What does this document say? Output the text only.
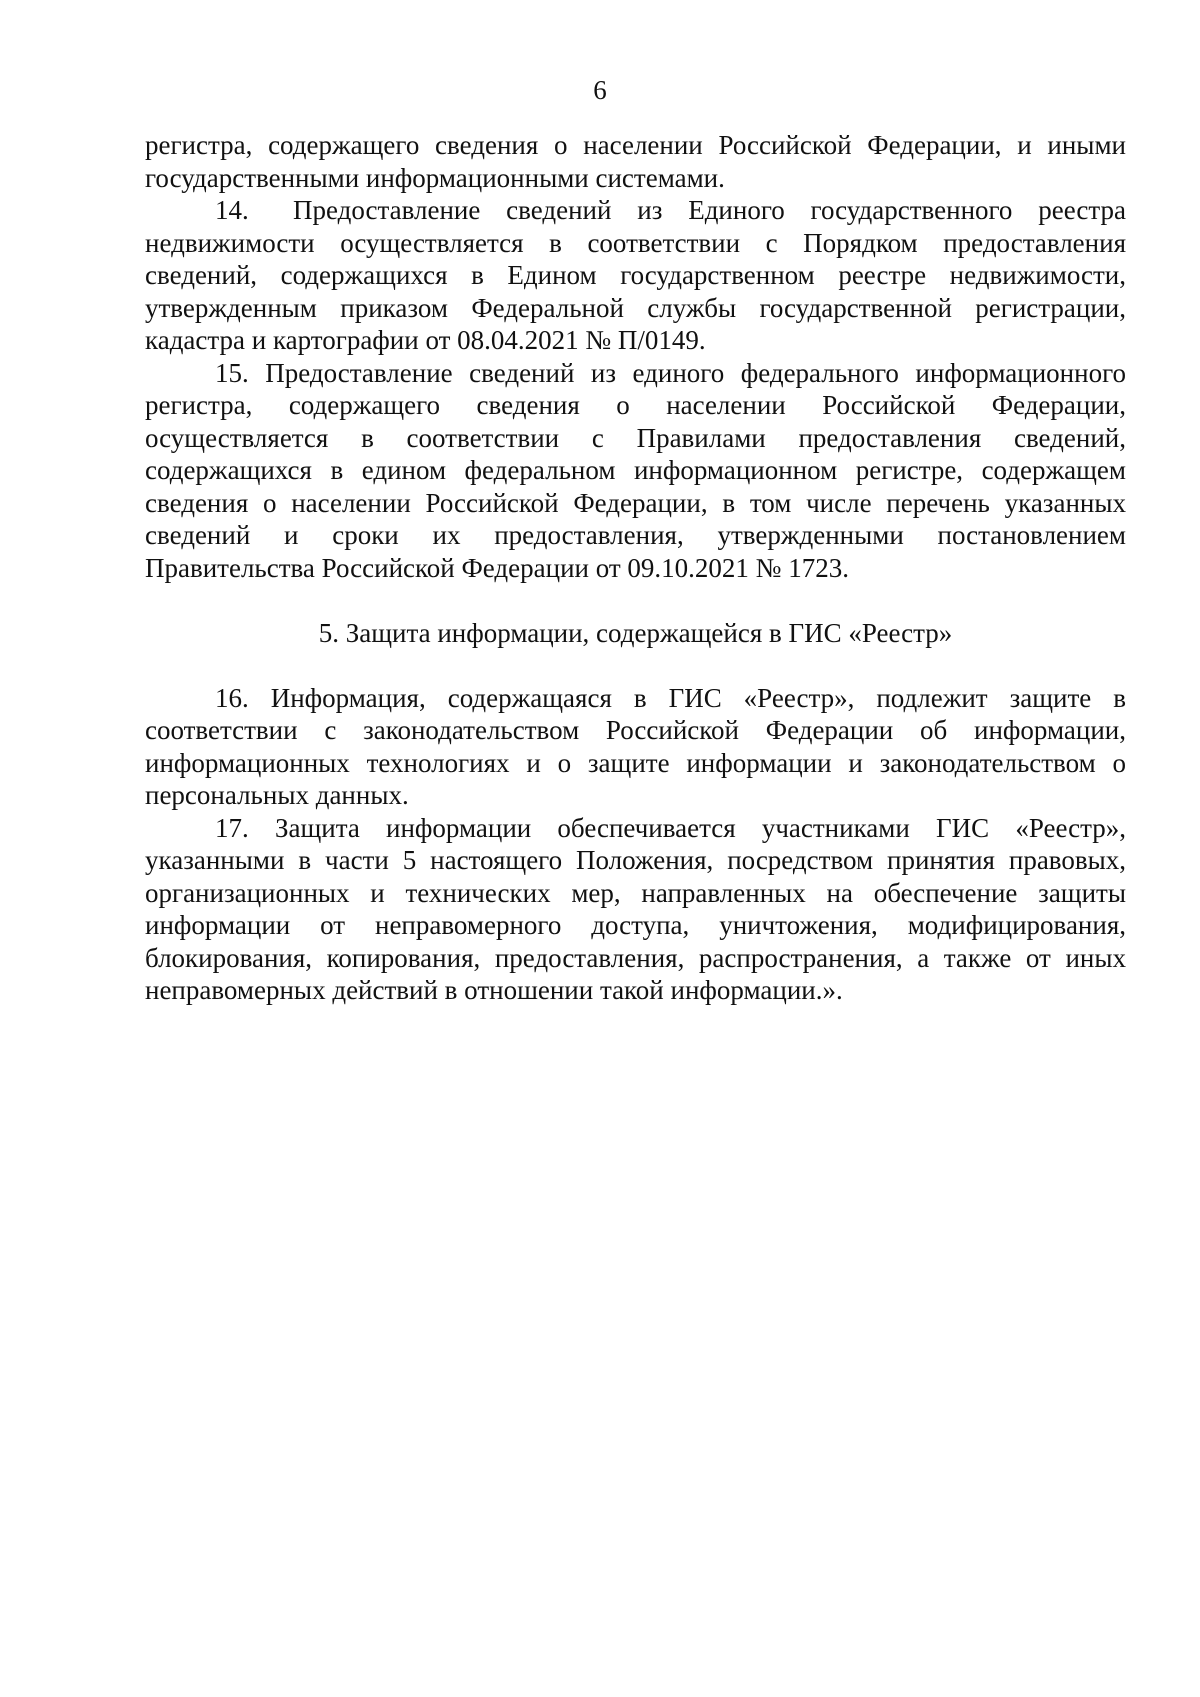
6

регистра, содержащего сведения о населении Российской Федерации, и иными государственными информационными системами.

14. Предоставление сведений из Единого государственного реестра недвижимости осуществляется в соответствии с Порядком предоставления сведений, содержащихся в Едином государственном реестре недвижимости, утвержденным приказом Федеральной службы государственной регистрации, кадастра и картографии от 08.04.2021 № П/0149.

15. Предоставление сведений из единого федерального информационного регистра, содержащего сведения о населении Российской Федерации, осуществляется в соответствии с Правилами предоставления сведений, содержащихся в едином федеральном информационном регистре, содержащем сведения о населении Российской Федерации, в том числе перечень указанных сведений и сроки их предоставления, утвержденными постановлением Правительства Российской Федерации от 09.10.2021 № 1723.

5. Защита информации, содержащейся в ГИС «Реестр»

16. Информация, содержащаяся в ГИС «Реестр», подлежит защите в соответствии с законодательством Российской Федерации об информации, информационных технологиях и о защите информации и законодательством о персональных данных.

17. Защита информации обеспечивается участниками ГИС «Реестр», указанными в части 5 настоящего Положения, посредством принятия правовых, организационных и технических мер, направленных на обеспечение защиты информации от неправомерного доступа, уничтожения, модифицирования, блокирования, копирования, предоставления, распространения, а также от иных неправомерных действий в отношении такой информации.».
